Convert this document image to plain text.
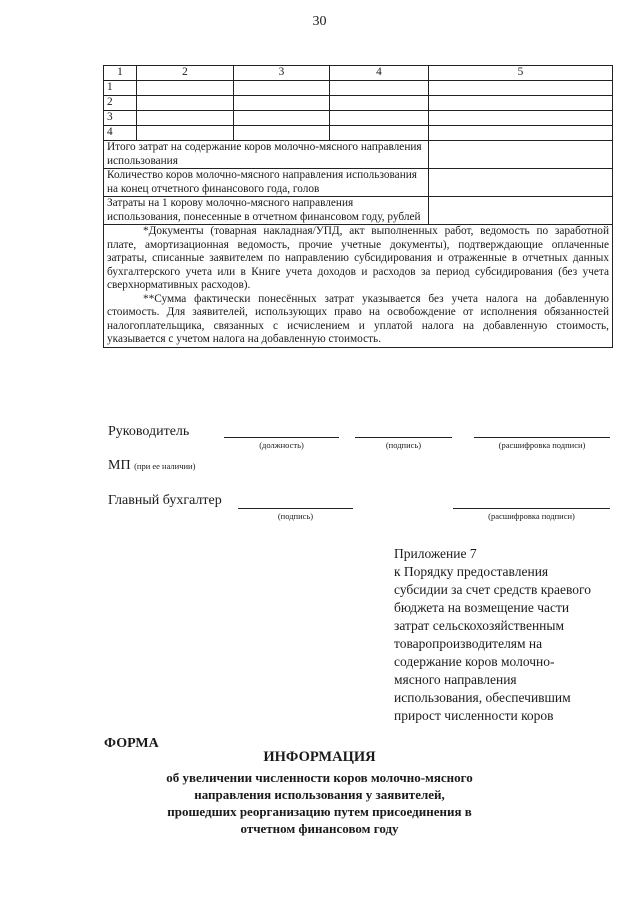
30
1	2	3	4	5
1				
2				
3				
4				
Итого затрат на содержание коров молочно-мясного направления использования				
Количество коров молочно-мясного направления использования на конец отчетного финансового года, голов				
Затраты на 1 корову молочно-мясного направления использования, понесенные в отчетном финансовом году, рублей				

*Документы (товарная накладная/УПД, акт выполненных работ, ведомость по заработной плате, амортизационная ведомость, прочие учетные документы), подтверждающие оплаченные затраты, списанные заявителем по направлению субсидирования и отраженные в отчетных данных бухгалтерского учета или в Книге учета доходов и расходов за период субсидирования (без учета сверхнормативных расходов).

**Сумма фактически понесённых затрат указывается без учета налога на добавленную стоимость. Для заявителей, использующих право на освобождение от исполнения обязанностей налогоплательщика, связанных с исчислением и уплатой налога на добавленную стоимость, указывается с учетом налога на добавленную стоимость.				

Руководитель
(должность)	(подпись)	(расшифровка подписи)
МП (при ее наличии)
Главный бухгалтер
(подпись)	(расшифровка подписи)
Приложение 7
к Порядку предоставления
субсидии за счет средств краевого
бюджета на возмещение части
затрат сельскохозяйственным
товаропроизводителям на
содержание коров молочно-
мясного направления
использования, обеспечившим
прирост численности коров
ФОРМА
ИНФОРМАЦИЯ
об увеличении численности коров молочно-мясного
направления использования у заявителей,
прошедших реорганизацию путем присоединения в
отчетном финансовом году
